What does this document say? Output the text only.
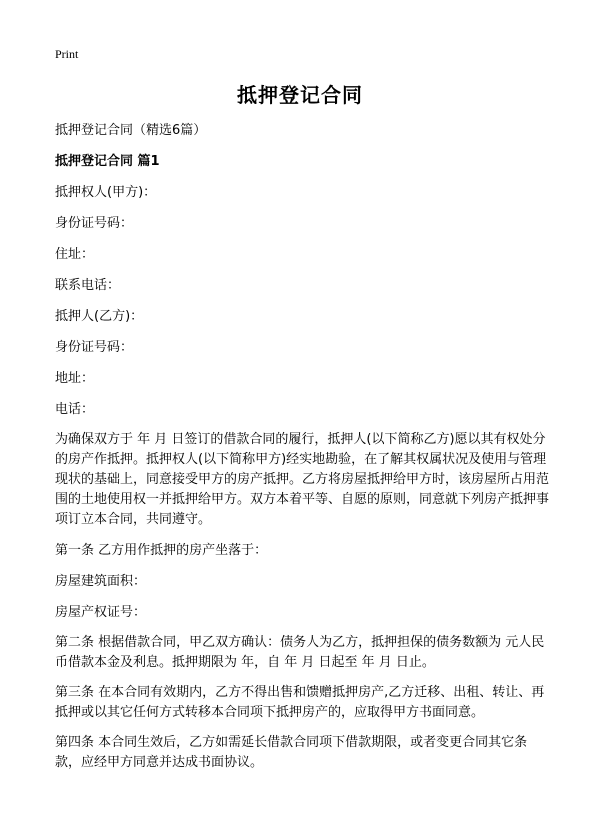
Print
抵押登记合同

抵押登记合同（精选6篇）

抵押登记合同 篇1

抵押权人(甲方)：

身份证号码：

住址：

联系电话：

抵押人(乙方)：

身份证号码：

地址：

电话：

为确保双方于 年 月 日签订的借款合同的履行，抵押人(以下简称乙方)愿以其有权处分的房产作抵押。抵押权人(以下简称甲方)经实地勘验，在了解其权属状况及使用与管理现状的基础上，同意接受甲方的房产抵押。乙方将房屋抵押给甲方时，该房屋所占用范围的土地使用权一并抵押给甲方。双方本着平等、自愿的原则，同意就下列房产抵押事项订立本合同，共同遵守。

第一条 乙方用作抵押的房产坐落于：

房屋建筑面积：

房屋产权证号：

第二条 根据借款合同，甲乙双方确认：债务人为乙方，抵押担保的债务数额为 元人民币借款本金及利息。抵押期限为 年，自 年 月 日起至 年 月 日止。

第三条 在本合同有效期内，乙方不得出售和馈赠抵押房产,乙方迁移、出租、转让、再抵押或以其它任何方式转移本合同项下抵押房产的，应取得甲方书面同意。

第四条 本合同生效后，乙方如需延长借款合同项下借款期限，或者变更合同其它条款，应经甲方同意并达成书面协议。
